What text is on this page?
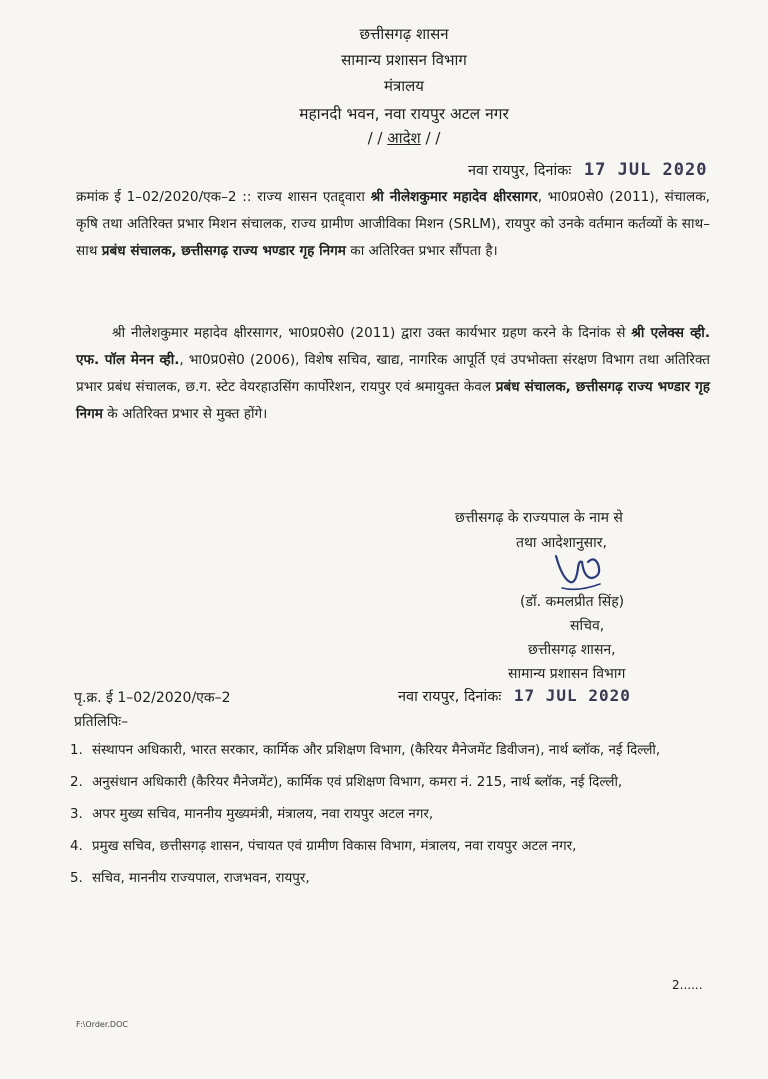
छत्तीसगढ़ शासन
सामान्य प्रशासन विभाग
मंत्रालय
महानदी भवन, नवा रायपुर अटल नगर
/ / आदेश / /
नवा रायपुर, दिनांकः 17 JUL 2020
क्रमांक ई 1–02/2020/एक–2 :: राज्य शासन एतद्द्वारा श्री नीलेशकुमार महादेव क्षीरसागर, भा0प्र0से0 (2011), संचालक, कृषि तथा अतिरिक्त प्रभार मिशन संचालक, राज्य ग्रामीण आजीविका मिशन (SRLM), रायपुर को उनके वर्तमान कर्तव्यों के साथ–साथ प्रबंध संचालक, छत्तीसगढ़ राज्य भण्डार गृह निगम का अतिरिक्त प्रभार सौंपता है।
श्री नीलेशकुमार महादेव क्षीरसागर, भा0प्र0से0 (2011) द्वारा उक्त कार्यभार ग्रहण करने के दिनांक से श्री एलेक्स व्ही. एफ. पॉल मेनन व्ही., भा0प्र0से0 (2006), विशेष सचिव, खाद्य, नागरिक आपूर्ति एवं उपभोक्ता संरक्षण विभाग तथा अतिरिक्त प्रभार प्रबंध संचालक, छ.ग. स्टेट वेयरहाउसिंग कार्पोरेशन, रायपुर एवं श्रमायुक्त केवल प्रबंध संचालक, छत्तीसगढ़ राज्य भण्डार गृह निगम के अतिरिक्त प्रभार से मुक्त होंगे।
छत्तीसगढ़ के राज्यपाल के नाम से
तथा आदेशानुसार,
(डॉ. कमलप्रीत सिंह)
सचिव,
छत्तीसगढ़ शासन,
सामान्य प्रशासन विभाग
पृ.क्र. ई 1–02/2020/एक–2	नवा रायपुर, दिनांकः 17 JUL 2020
प्रतिलिपिः–
1. संस्थापन अधिकारी, भारत सरकार, कार्मिक और प्रशिक्षण विभाग, (कैरियर मैनेजमेंट डिवीजन), नार्थ ब्लॉक, नई दिल्ली,
2. अनुसंधान अधिकारी (कैरियर मैनेजमेंट), कार्मिक एवं प्रशिक्षण विभाग, कमरा नं. 215, नार्थ ब्लॉक, नई दिल्ली,
3. अपर मुख्य सचिव, माननीय मुख्यमंत्री, मंत्रालय, नवा रायपुर अटल नगर,
4. प्रमुख सचिव, छत्तीसगढ़ शासन, पंचायत एवं ग्रामीण विकास विभाग, मंत्रालय, नवा रायपुर अटल नगर,
5. सचिव, माननीय राज्यपाल, राजभवन, रायपुर,
2......
F:\Order.DOC
